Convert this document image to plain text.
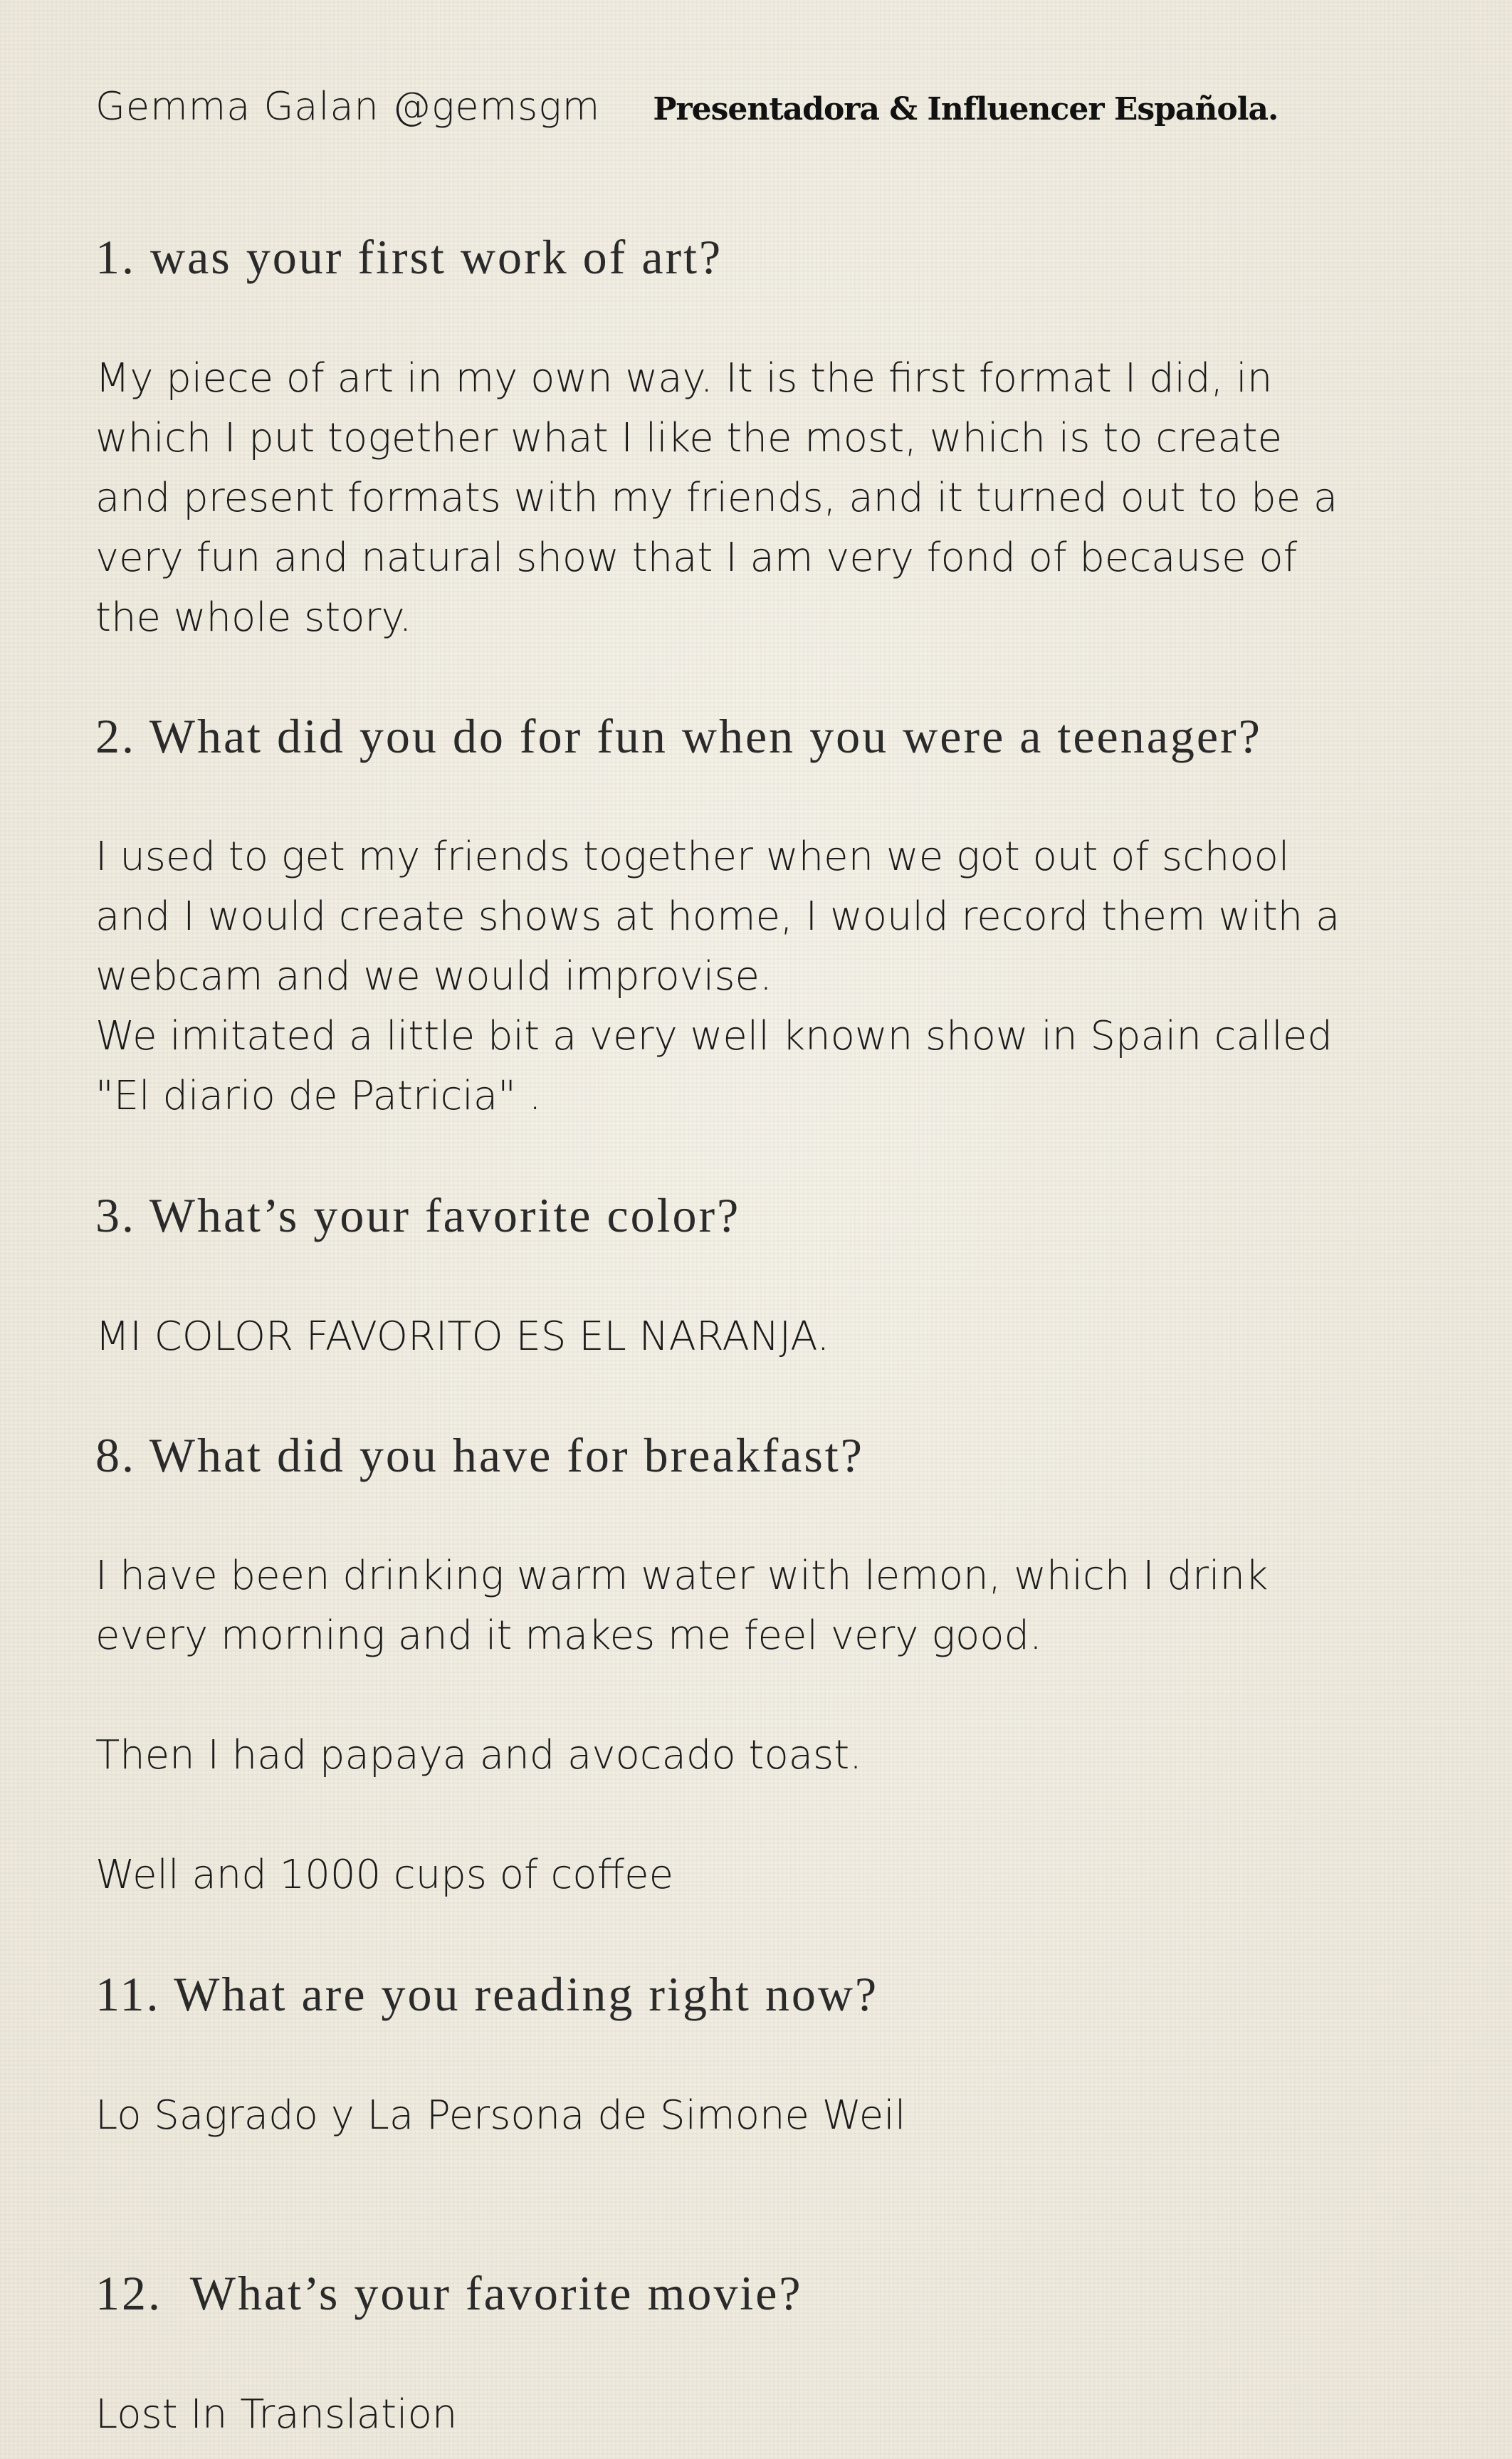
Gemma Galan @gemsgm Presentadora & Influencer Española.
1. was your first work of art?
My piece of art in my own way. It is the first format I did, in
which I put together what I like the most, which is to create
and present formats with my friends, and it turned out to be a
very fun and natural show that I am very fond of because of
the whole story.
2. What did you do for fun when you were a teenager?
I used to get my friends together when we got out of school
and I would create shows at home, I would record them with a
webcam and we would improvise.
We imitated a little bit a very well known show in Spain called
"El diario de Patricia" .
3. What’s your favorite color?
MI COLOR FAVORITO ES EL NARANJA.
8. What did you have for breakfast?
I have been drinking warm water with lemon, which I drink
every morning and it makes me feel very good.

Then I had papaya and avocado toast.

Well and 1000 cups of coffee
11. What are you reading right now?
Lo Sagrado y La Persona de Simone Weil
12.  What’s your favorite movie?
Lost In Translation
